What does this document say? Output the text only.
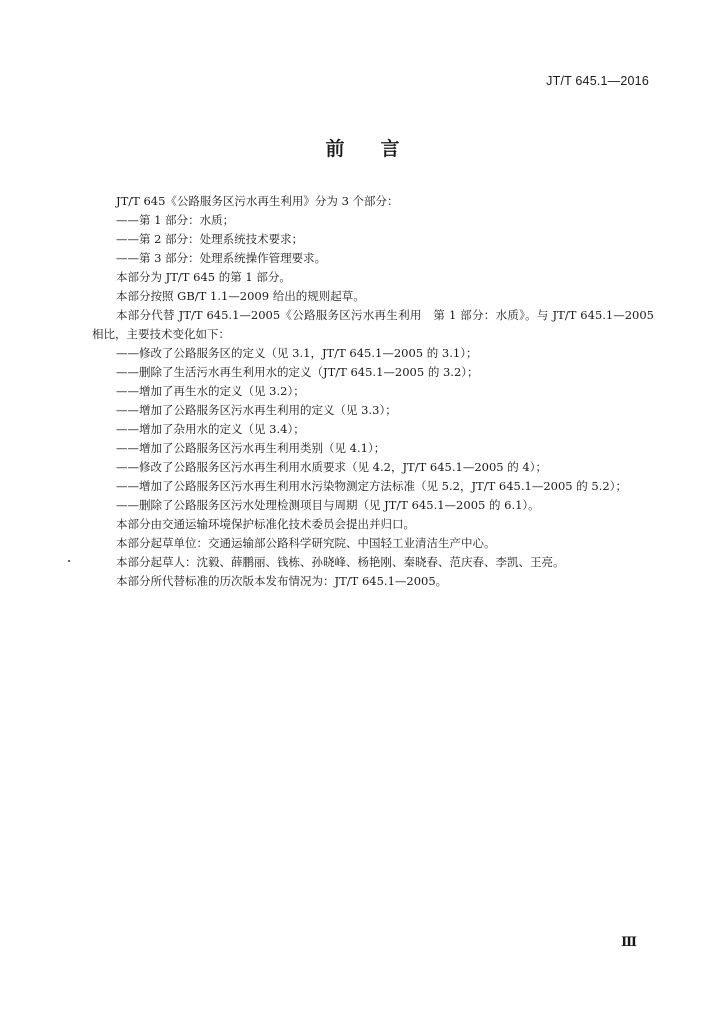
JT/T 645.1—2016
前言

JT/T 645《公路服务区污水再生利用》分为 3 个部分：

——第 1 部分：水质；

——第 2 部分：处理系统技术要求；

——第 3 部分：处理系统操作管理要求。

本部分为 JT/T 645 的第 1 部分。

本部分按照 GB/T 1.1—2009 给出的规则起草。

本部分代替 JT/T 645.1—2005《公路服务区污水再生利用　第 1 部分：水质》。与 JT/T 645.1—2005 相比，主要技术变化如下：

——修改了公路服务区的定义（见 3.1，JT/T 645.1—2005 的 3.1）；

——删除了生活污水再生利用水的定义（JT/T 645.1—2005 的 3.2）；

——增加了再生水的定义（见 3.2）；

——增加了公路服务区污水再生利用的定义（见 3.3）；

——增加了杂用水的定义（见 3.4）；

——增加了公路服务区污水再生利用类别（见 4.1）；

——修改了公路服务区污水再生利用水质要求（见 4.2，JT/T 645.1—2005 的 4）；

——增加了公路服务区污水再生利用水污染物测定方法标准（见 5.2，JT/T 645.1—2005 的 5.2）；

——删除了公路服务区污水处理检测项目与周期（见 JT/T 645.1—2005 的 6.1）。

本部分由交通运输环境保护标准化技术委员会提出并归口。

本部分起草单位：交通运输部公路科学研究院、中国轻工业清洁生产中心。

本部分起草人：沈毅、薛鹏丽、钱栋、孙晓峰、杨艳刚、秦晓春、范庆春、李凯、王亮。

本部分所代替标准的历次版本发布情况为：JT/T 645.1—2005。

Ⅲ
